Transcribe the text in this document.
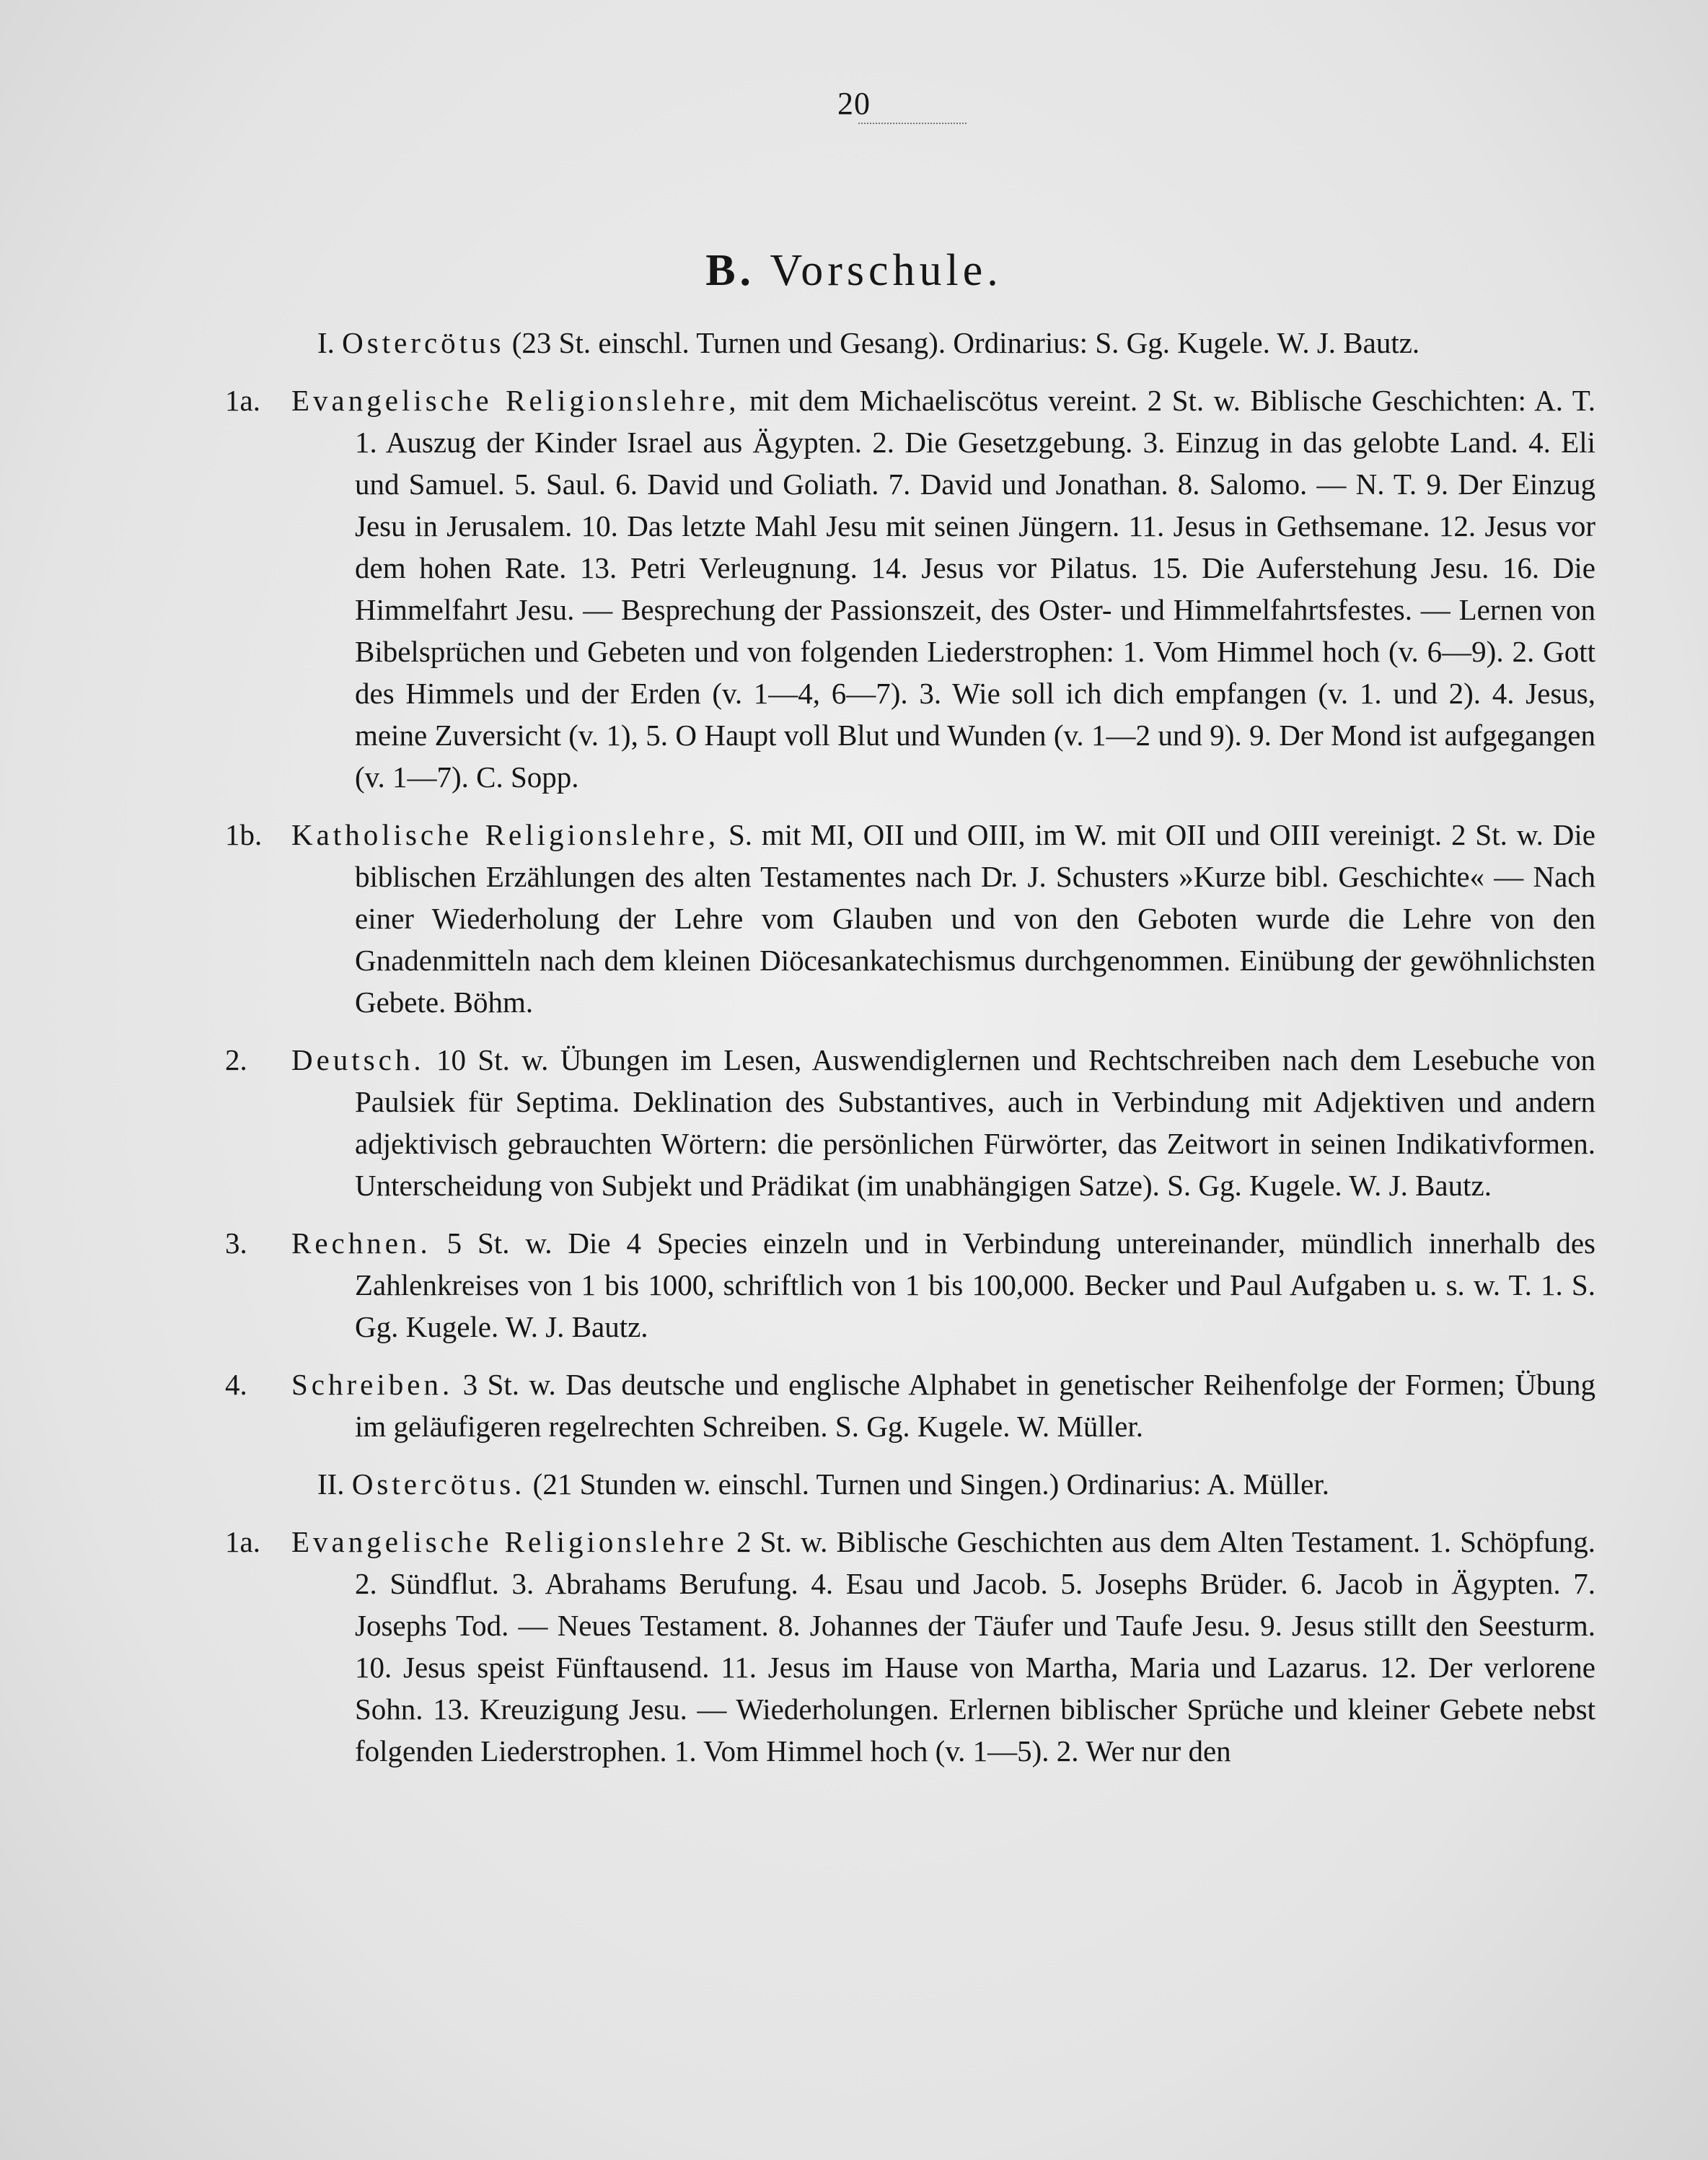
20
B. Vorschule.

I. Ostercötus (23 St. einschl. Turnen und Gesang). Ordinarius: S. Gg. Kugele. W. J. Bautz.

1a. Evangelische Religionslehre, mit dem Michaeliscötus vereint. 2 St. w. Biblische Geschichten: A. T. 1. Auszug der Kinder Israel aus Ägypten. 2. Die Gesetzgebung. 3. Einzug in das gelobte Land. 4. Eli und Samuel. 5. Saul. 6. David und Goliath. 7. David und Jonathan. 8. Salomo. — N. T. 9. Der Einzug Jesu in Jerusalem. 10. Das letzte Mahl Jesu mit seinen Jüngern. 11. Jesus in Gethsemane. 12. Jesus vor dem hohen Rate. 13. Petri Verleugnung. 14. Jesus vor Pilatus. 15. Die Auferstehung Jesu. 16. Die Himmelfahrt Jesu. — Besprechung der Passionszeit, des Oster- und Himmelfahrtsfestes. — Lernen von Bibelsprüchen und Gebeten und von folgenden Liederstrophen: 1. Vom Himmel hoch (v. 6—9). 2. Gott des Himmels und der Erden (v. 1—4, 6—7). 3. Wie soll ich dich empfangen (v. 1. und 2). 4. Jesus, meine Zuversicht (v. 1), 5. O Haupt voll Blut und Wunden (v. 1—2 und 9). 9. Der Mond ist aufgegangen (v. 1—7). C. Sopp.

1b. Katholische Religionslehre, S. mit MI, OII und OIII, im W. mit OII und OIII vereinigt. 2 St. w. Die biblischen Erzählungen des alten Testamentes nach Dr. J. Schusters »Kurze bibl. Geschichte« — Nach einer Wiederholung der Lehre vom Glauben und von den Geboten wurde die Lehre von den Gnadenmitteln nach dem kleinen Diöcesankatechismus durchgenommen. Einübung der gewöhnlichsten Gebete. Böhm.

2. Deutsch. 10 St. w. Übungen im Lesen, Auswendiglernen und Rechtschreiben nach dem Lesebuche von Paulsiek für Septima. Deklination des Substantives, auch in Verbindung mit Adjektiven und andern adjektivisch gebrauchten Wörtern: die persönlichen Fürwörter, das Zeitwort in seinen Indikativformen. Unterscheidung von Subjekt und Prädikat (im unabhängigen Satze). S. Gg. Kugele. W. J. Bautz.

3. Rechnen. 5 St. w. Die 4 Species einzeln und in Verbindung untereinander, mündlich innerhalb des Zahlenkreises von 1 bis 1000, schriftlich von 1 bis 100,000. Becker und Paul Aufgaben u. s. w. T. 1. S. Gg. Kugele. W. J. Bautz.

4. Schreiben. 3 St. w. Das deutsche und englische Alphabet in genetischer Reihenfolge der Formen; Übung im geläufigeren regelrechten Schreiben. S. Gg. Kugele. W. Müller.

II. Ostercötus. (21 Stunden w. einschl. Turnen und Singen.) Ordinarius: A. Müller.

1a. Evangelische Religionslehre 2 St. w. Biblische Geschichten aus dem Alten Testament. 1. Schöpfung. 2. Sündflut. 3. Abrahams Berufung. 4. Esau und Jacob. 5. Josephs Brüder. 6. Jacob in Ägypten. 7. Josephs Tod. — Neues Testament. 8. Johannes der Täufer und Taufe Jesu. 9. Jesus stillt den Seesturm. 10. Jesus speist Fünftausend. 11. Jesus im Hause von Martha, Maria und Lazarus. 12. Der verlorene Sohn. 13. Kreuzigung Jesu. — Wiederholungen. Erlernen biblischer Sprüche und kleiner Gebete nebst folgenden Liederstrophen. 1. Vom Himmel hoch (v. 1—5). 2. Wer nur den
